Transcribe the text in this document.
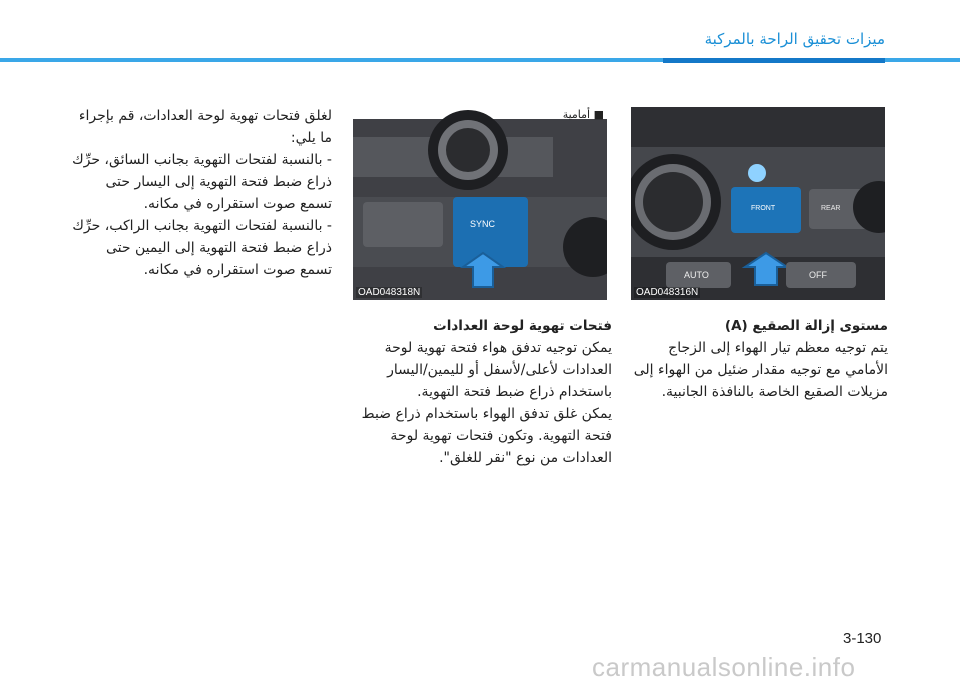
ميزات تحقيق الراحة بالمركبة
FRONT	REAR
AUTO	OFF
OAD048316N
■ أمامية
SYNC
OAD048318N

مستوى إزالة الصقيع (A)

يتم توجيه معظم تيار الهواء إلى الزجاج الأمامي مع توجيه مقدار ضئيل من الهواء إلى مزيلات الصقيع الخاصة بالنافذة الجانبية.

فتحات تهوية لوحة العدادات

يمكن توجيه تدفق هواء فتحة تهوية لوحة العدادات لأعلى/لأسفل أو لليمين/اليسار باستخدام ذراع ضبط فتحة التهوية.

يمكن غلق تدفق الهواء باستخدام ذراع ضبط فتحة التهوية. وتكون فتحات تهوية لوحة العدادات من نوع "نقر للغلق".

لغلق فتحات تهوية لوحة العدادات، قم بإجراء ما يلي:

- بالنسبة لفتحات التهوية بجانب السائق، حرِّك ذراع ضبط فتحة التهوية إلى اليسار حتى تسمع صوت استقراره في مكانه.
- بالنسبة لفتحات التهوية بجانب الراكب، حرِّك ذراع ضبط فتحة التهوية إلى اليمين حتى تسمع صوت استقراره في مكانه.
3-130
carmanualsonline.info
